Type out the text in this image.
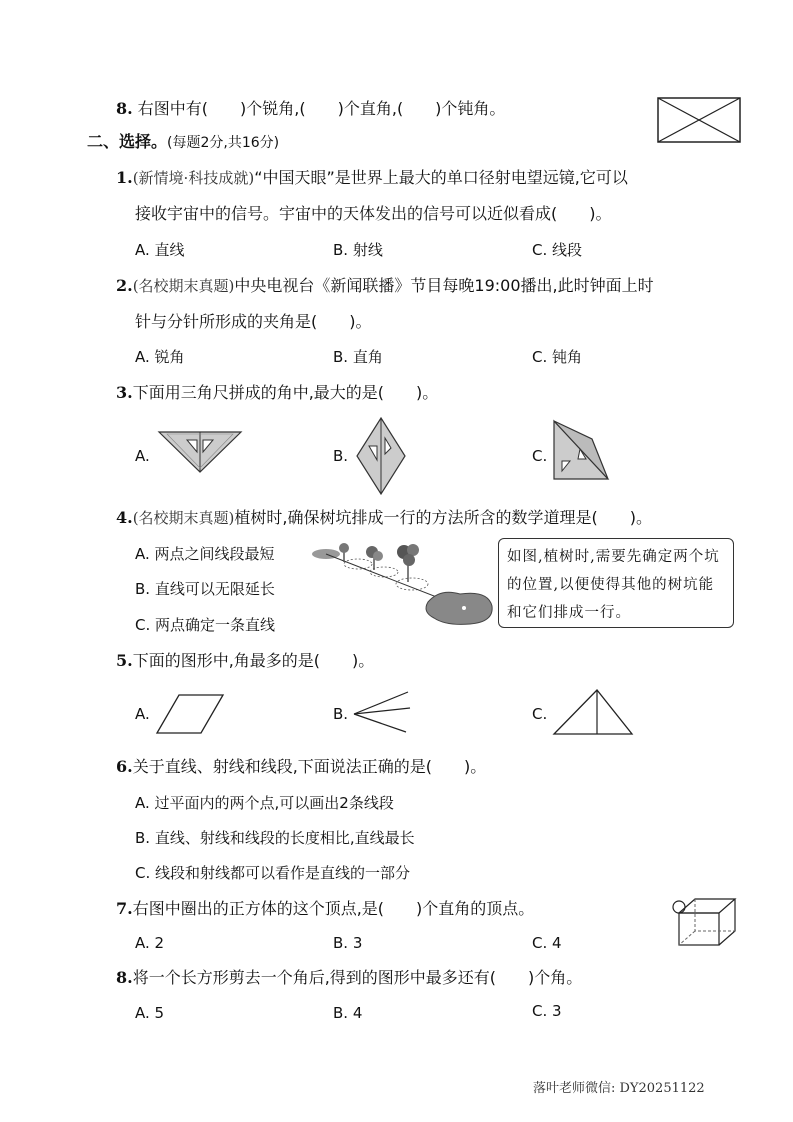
8. 右图中有(　　)个锐角,(　　)个直角,(　　)个钝角。
二、选择。(每题2分,共16分)
1.(新情境·科技成就)“中国天眼”是世界上最大的单口径射电望远镜,它可以
接收宇宙中的信号。宇宙中的天体发出的信号可以近似看成(　　)。
A. 直线	B. 射线	C. 线段
2.(名校期末真题)中央电视台《新闻联播》节目每晚19:00播出,此时钟面上时
针与分针所形成的夹角是(　　)。
A. 锐角	B. 直角	C. 钝角
3.下面用三角尺拼成的角中,最大的是(　　)。
A.	B.	C.
4.(名校期末真题)植树时,确保树坑排成一行的方法所含的数学道理是(　　)。
A. 两点之间线段最短
B. 直线可以无限延长
C. 两点确定一条直线
如图,植树时,需要先确定两个坑的位置,以便使得其他的树坑能和它们排成一行。
5.下面的图形中,角最多的是(　　)。
A.	B.	C.
6.关于直线、射线和线段,下面说法正确的是(　　)。
A. 过平面内的两个点,可以画出2条线段
B. 直线、射线和线段的长度相比,直线最长
C. 线段和射线都可以看作是直线的一部分
7.右图中圈出的正方体的这个顶点,是(　　)个直角的顶点。
A. 2	B. 3	C. 4
8.将一个长方形剪去一个角后,得到的图形中最多还有(　　)个角。
A. 5	B. 4	C. 3
落叶老师微信: DY20251122
